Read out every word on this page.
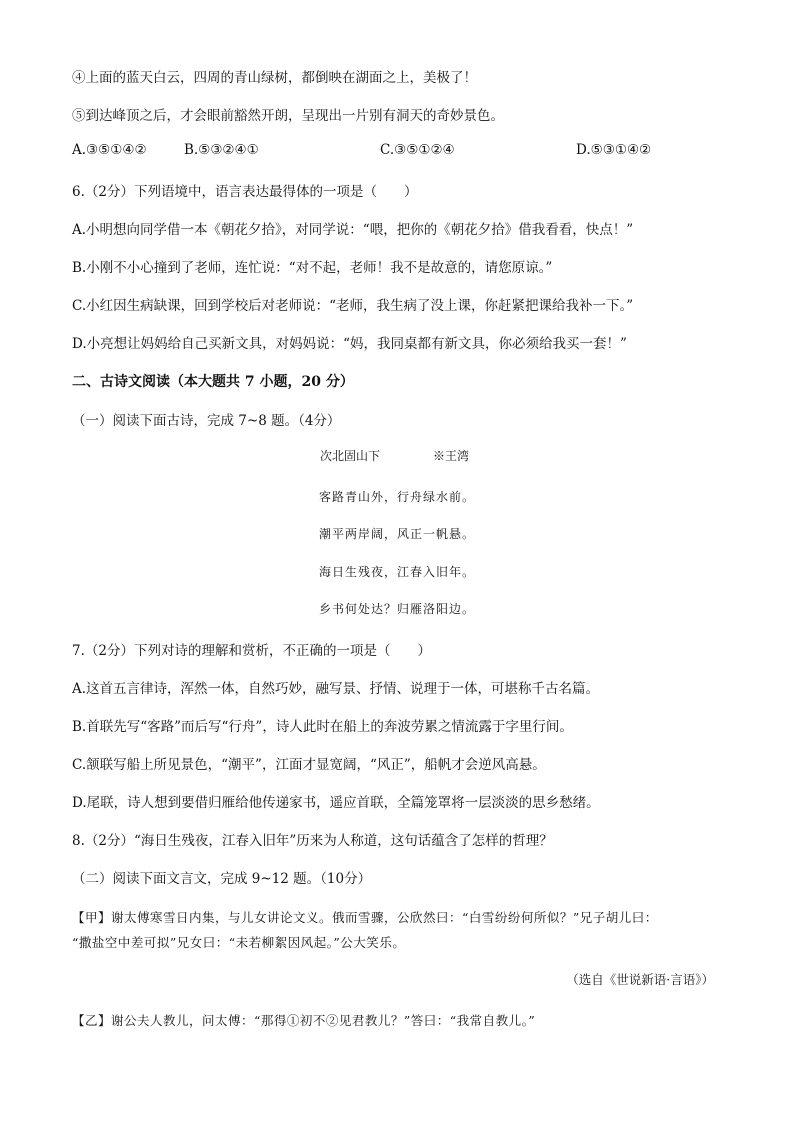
④上面的蓝天白云，四周的青山绿树，都倒映在湖面之上，美极了！
⑤到达峰顶之后，才会眼前豁然开朗，呈现出一片别有洞天的奇妙景色。
A.③⑤①④②	B.⑤③②④①	C.③⑤①②④	D.⑤③①④②
6.（2分）下列语境中，语言表达最得体的一项是（　　）
A.小明想向同学借一本《朝花夕拾》，对同学说：“喂，把你的《朝花夕拾》借我看看，快点！”
B.小刚不小心撞到了老师，连忙说：“对不起，老师！我不是故意的，请您原谅。”
C.小红因生病缺课，回到学校后对老师说：“老师，我生病了没上课，你赶紧把课给我补一下。”
D.小亮想让妈妈给自己买新文具，对妈妈说：“妈，我同桌都有新文具，你必须给我买一套！”
二、古诗文阅读（本大题共 7 小题，20 分）
（一）阅读下面古诗，完成 7~8 题。（4分）
次北固山下	※王湾
客路青山外，行舟绿水前。
潮平两岸阔，风正一帆悬。
海日生残夜，江春入旧年。
乡书何处达？归雁洛阳边。
7.（2分）下列对诗的理解和赏析，不正确的一项是（　　）
A.这首五言律诗，浑然一体，自然巧妙，融写景、抒情、说理于一体，可堪称千古名篇。
B.首联先写“客路”而后写“行舟”，诗人此时在船上的奔波劳累之情流露于字里行间。
C.颔联写船上所见景色，“潮平”，江面才显宽阔，“风正”，船帆才会逆风高悬。
D.尾联，诗人想到要借归雁给他传递家书，遥应首联，全篇笼罩将一层淡淡的思乡愁绪。
8.（2分）“海日生残夜，江春入旧年”历来为人称道，这句话蕴含了怎样的哲理？
（二）阅读下面文言文，完成 9~12 题。（10分）
【甲】谢太傅寒雪日内集，与儿女讲论文义。俄而雪骤，公欣然曰：“白雪纷纷何所似？”兄子胡儿曰：
“撒盐空中差可拟”兄女曰：“未若柳絮因风起。”公大笑乐。
（选自《世说新语·言语》）
【乙】谢公夫人教儿，问太傅：“那得①初不②见君教儿？”答曰：“我常自教儿。”
